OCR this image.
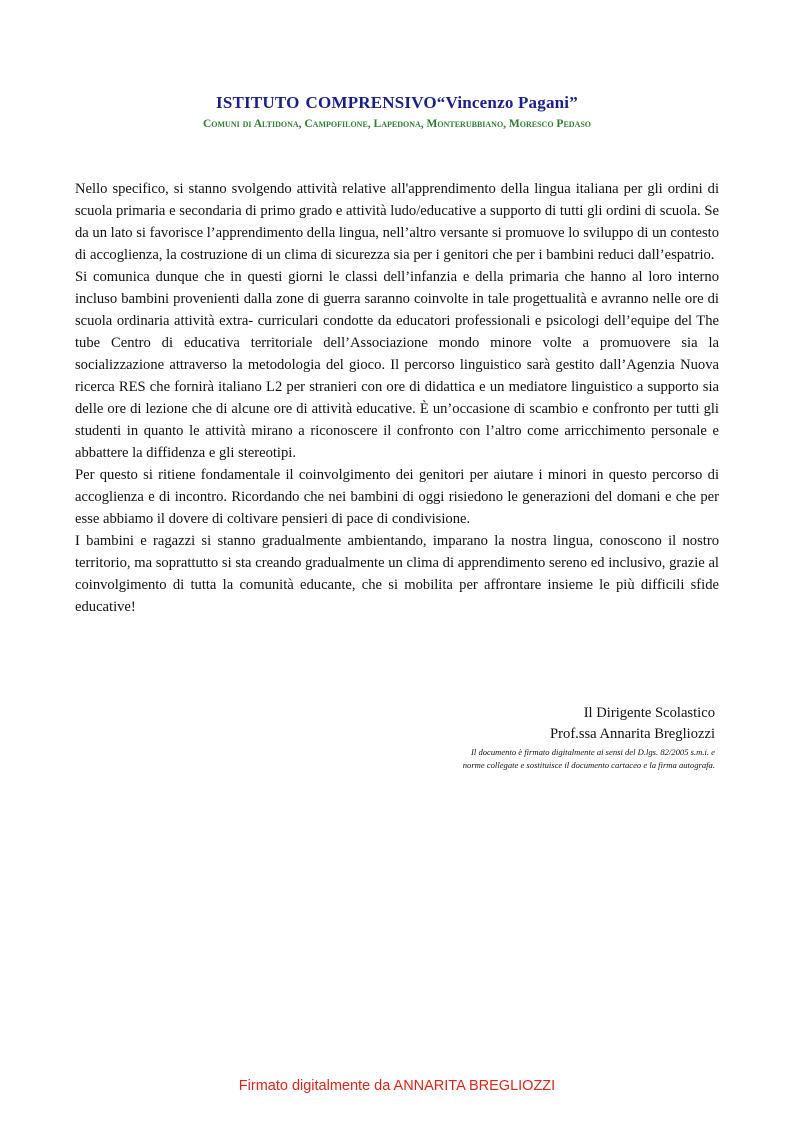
ISTITUTO COMPRENSIVO“Vincenzo Pagani”
Comuni di Altidona, Campofilone, Lapedona, Monterubbiano, Moresco Pedaso

Nello specifico, si stanno svolgendo attività relative all'apprendimento della lingua italiana per gli ordini di scuola primaria e secondaria di primo grado e attività ludo/educative a supporto di tutti gli ordini di scuola. Se da un lato si favorisce l’apprendimento della lingua, nell’altro versante si promuove lo sviluppo di un contesto di accoglienza, la costruzione di un clima di sicurezza sia per i genitori che per i bambini reduci dall’espatrio.

Si comunica dunque che in questi giorni le classi dell’infanzia e della primaria che hanno al loro interno incluso bambini provenienti dalla zone di guerra saranno coinvolte in tale progettualità e avranno nelle ore di scuola ordinaria attività extra- curriculari condotte da educatori professionali e psicologi dell’equipe del The tube Centro di educativa territoriale dell’Associazione mondo minore volte a promuovere sia la socializzazione attraverso la metodologia del gioco. Il percorso linguistico sarà gestito dall’Agenzia Nuova ricerca RES che fornirà italiano L2 per stranieri con ore di didattica e un mediatore linguistico a supporto sia delle ore di lezione che di alcune ore di attività educative. È un’occasione di scambio e confronto per tutti gli studenti in quanto le attività mirano a riconoscere il confronto con l’altro come arricchimento personale e abbattere la diffidenza e gli stereotipi.

Per questo si ritiene fondamentale il coinvolgimento dei genitori per aiutare i minori in questo percorso di accoglienza e di incontro. Ricordando che nei bambini di oggi risiedono le generazioni del domani e che per esse abbiamo il dovere di coltivare pensieri di pace di condivisione.

I bambini e ragazzi si stanno gradualmente ambientando, imparano la nostra lingua, conoscono il nostro territorio, ma soprattutto si sta creando gradualmente un clima di apprendimento sereno ed inclusivo, grazie al coinvolgimento di tutta la comunità educante, che si mobilita per affrontare insieme le più difficili sfide educative!

Il Dirigente Scolastico
Prof.ssa Annarita Bregliozzi
Il documento è firmato digitalmente ai sensi del D.lgs. 82/2005 s.m.i. e
norme collegate e sostituisce il documento cartaceo e la firma autografa.
Firmato digitalmente da ANNARITA BREGLIOZZI
